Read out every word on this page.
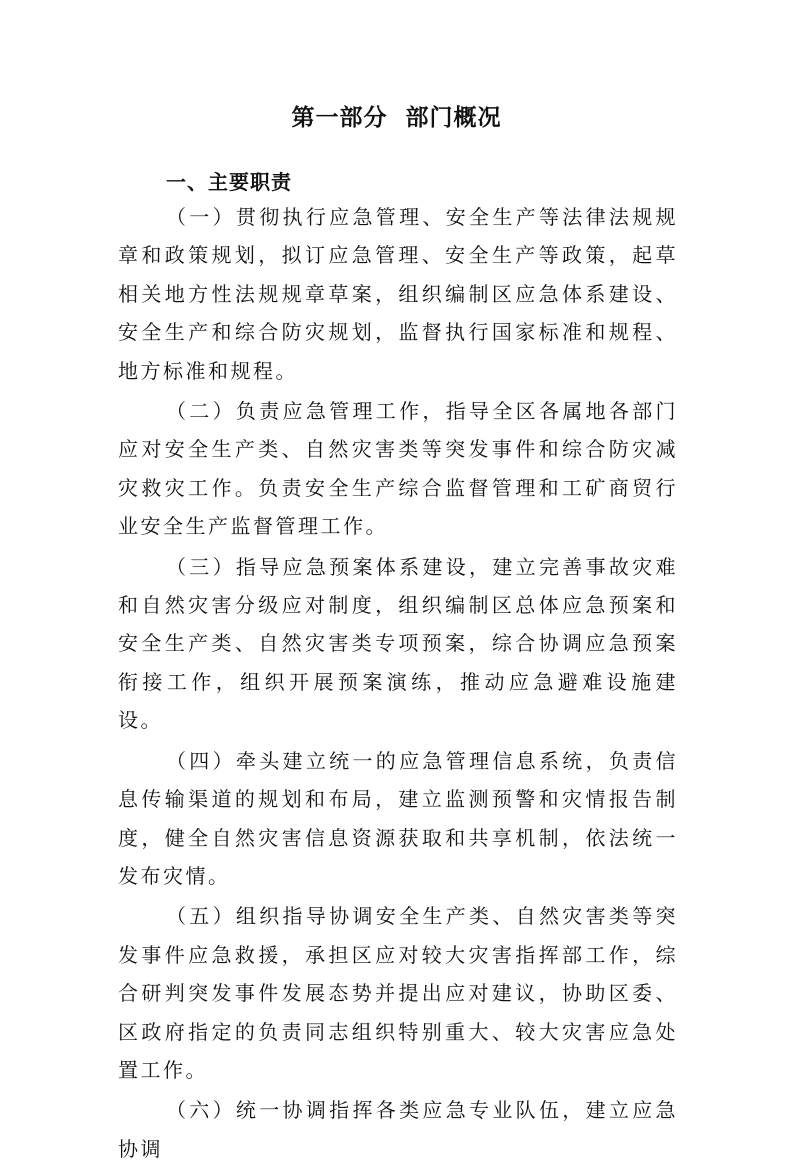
第一部分  部门概况
一、主要职责

（一）贯彻执行应急管理、安全生产等法律法规规章和政策规划，拟订应急管理、安全生产等政策，起草相关地方性法规规章草案，组织编制区应急体系建设、安全生产和综合防灾规划，监督执行国家标准和规程、地方标准和规程。

（二）负责应急管理工作，指导全区各属地各部门应对安全生产类、自然灾害类等突发事件和综合防灾减灾救灾工作。负责安全生产综合监督管理和工矿商贸行业安全生产监督管理工作。

（三）指导应急预案体系建设，建立完善事故灾难和自然灾害分级应对制度，组织编制区总体应急预案和安全生产类、自然灾害类专项预案，综合协调应急预案衔接工作，组织开展预案演练，推动应急避难设施建设。

（四）牵头建立统一的应急管理信息系统，负责信息传输渠道的规划和布局，建立监测预警和灾情报告制度，健全自然灾害信息资源获取和共享机制，依法统一发布灾情。

（五）组织指导协调安全生产类、自然灾害类等突发事件应急救援，承担区应对较大灾害指挥部工作，综合研判突发事件发展态势并提出应对建议，协助区委、区政府指定的负责同志组织特别重大、较大灾害应急处置工作。

（六）统一协调指挥各类应急专业队伍，建立应急协调
